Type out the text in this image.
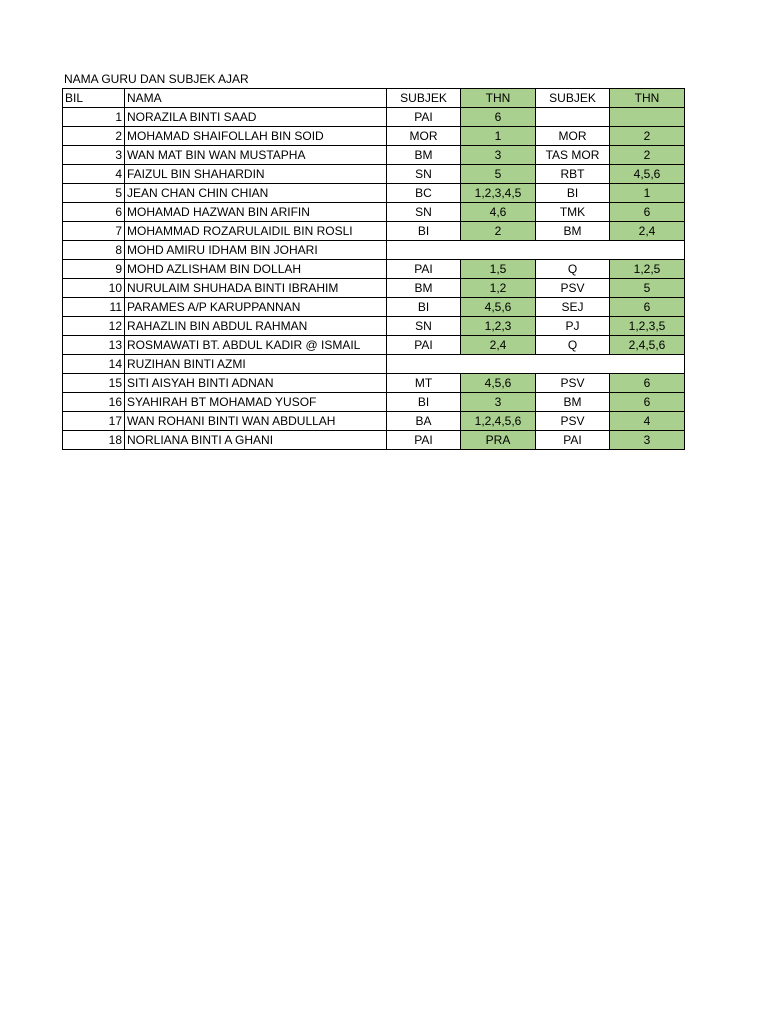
NAMA GURU DAN SUBJEK AJAR
BIL	NAMA	SUBJEK	THN	SUBJEK	THN
1	NORAZILA BINTI SAAD	PAI	6		
2	MOHAMAD SHAIFOLLAH BIN SOID	MOR	1	MOR	2
3	WAN MAT BIN WAN MUSTAPHA	BM	3	TAS MOR	2
4	FAIZUL BIN SHAHARDIN	SN	5	RBT	4,5,6
5	JEAN CHAN CHIN CHIAN	BC	1,2,3,4,5	BI	1
6	MOHAMAD HAZWAN BIN ARIFIN	SN	4,6	TMK	6
7	MOHAMMAD ROZARULAIDIL BIN ROSLI	BI	2	BM	2,4
8	MOHD AMIRU IDHAM BIN JOHARI				
9	MOHD AZLISHAM BIN DOLLAH	PAI	1,5	Q	1,2,5
10	NURULAIM SHUHADA BINTI IBRAHIM	BM	1,2	PSV	5
11	PARAMES A/P KARUPPANNAN	BI	4,5,6	SEJ	6
12	RAHAZLIN BIN ABDUL RAHMAN	SN	1,2,3	PJ	1,2,3,5
13	ROSMAWATI BT. ABDUL KADIR @ ISMAIL	PAI	2,4	Q	2,4,5,6
14	RUZIHAN BINTI AZMI				
15	SITI AISYAH BINTI ADNAN	MT	4,5,6	PSV	6
16	SYAHIRAH BT MOHAMAD YUSOF	BI	3	BM	6
17	WAN ROHANI BINTI WAN ABDULLAH	BA	1,2,4,5,6	PSV	4
18	NORLIANA BINTI A GHANI	PAI	PRA	PAI	3
